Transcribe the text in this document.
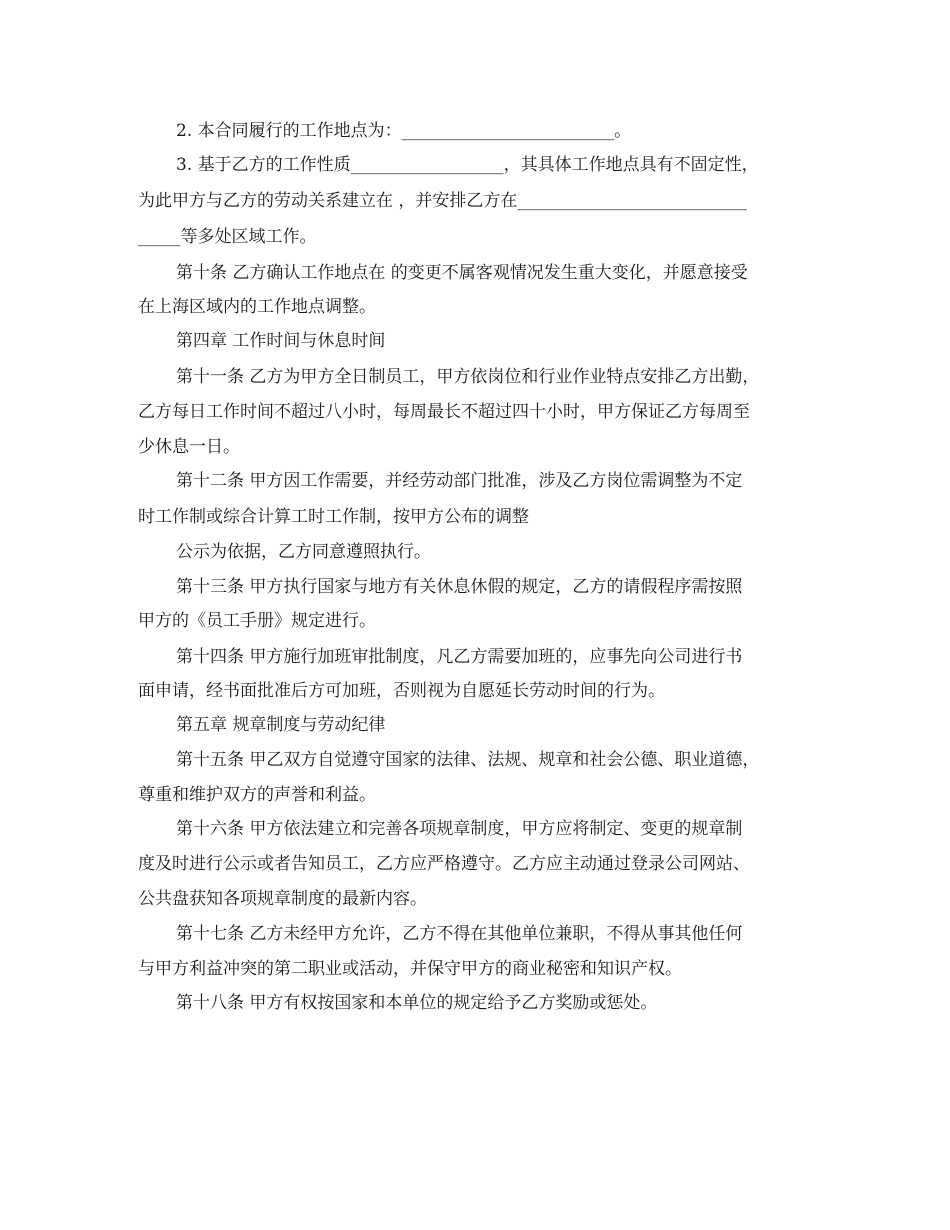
2. 本合同履行的工作地点为：_________________________。
3. 基于乙方的工作性质__________________，其具体工作地点具有不固定性，
为此甲方与乙方的劳动关系建立在 ，并安排乙方在___________________________
_____等多处区域工作。
第十条 乙方确认工作地点在 的变更不属客观情况发生重大变化，并愿意接受
在上海区域内的工作地点调整。
第四章 工作时间与休息时间
第十一条 乙方为甲方全日制员工，甲方依岗位和行业作业特点安排乙方出勤，
乙方每日工作时间不超过八小时，每周最长不超过四十小时，甲方保证乙方每周至
少休息一日。
第十二条 甲方因工作需要，并经劳动部门批准，涉及乙方岗位需调整为不定
时工作制或综合计算工时工作制，按甲方公布的调整
公示为依据，乙方同意遵照执行。
第十三条 甲方执行国家与地方有关休息休假的规定，乙方的请假程序需按照
甲方的《员工手册》规定进行。
第十四条 甲方施行加班审批制度，凡乙方需要加班的，应事先向公司进行书
面申请，经书面批准后方可加班，否则视为自愿延长劳动时间的行为。
第五章 规章制度与劳动纪律
第十五条 甲乙双方自觉遵守国家的法律、法规、规章和社会公德、职业道德，
尊重和维护双方的声誉和利益。
第十六条 甲方依法建立和完善各项规章制度，甲方应将制定、变更的规章制
度及时进行公示或者告知员工，乙方应严格遵守。乙方应主动通过登录公司网站、
公共盘获知各项规章制度的最新内容。
第十七条 乙方未经甲方允许，乙方不得在其他单位兼职，不得从事其他任何
与甲方利益冲突的第二职业或活动，并保守甲方的商业秘密和知识产权。
第十八条 甲方有权按国家和本单位的规定给予乙方奖励或惩处。
